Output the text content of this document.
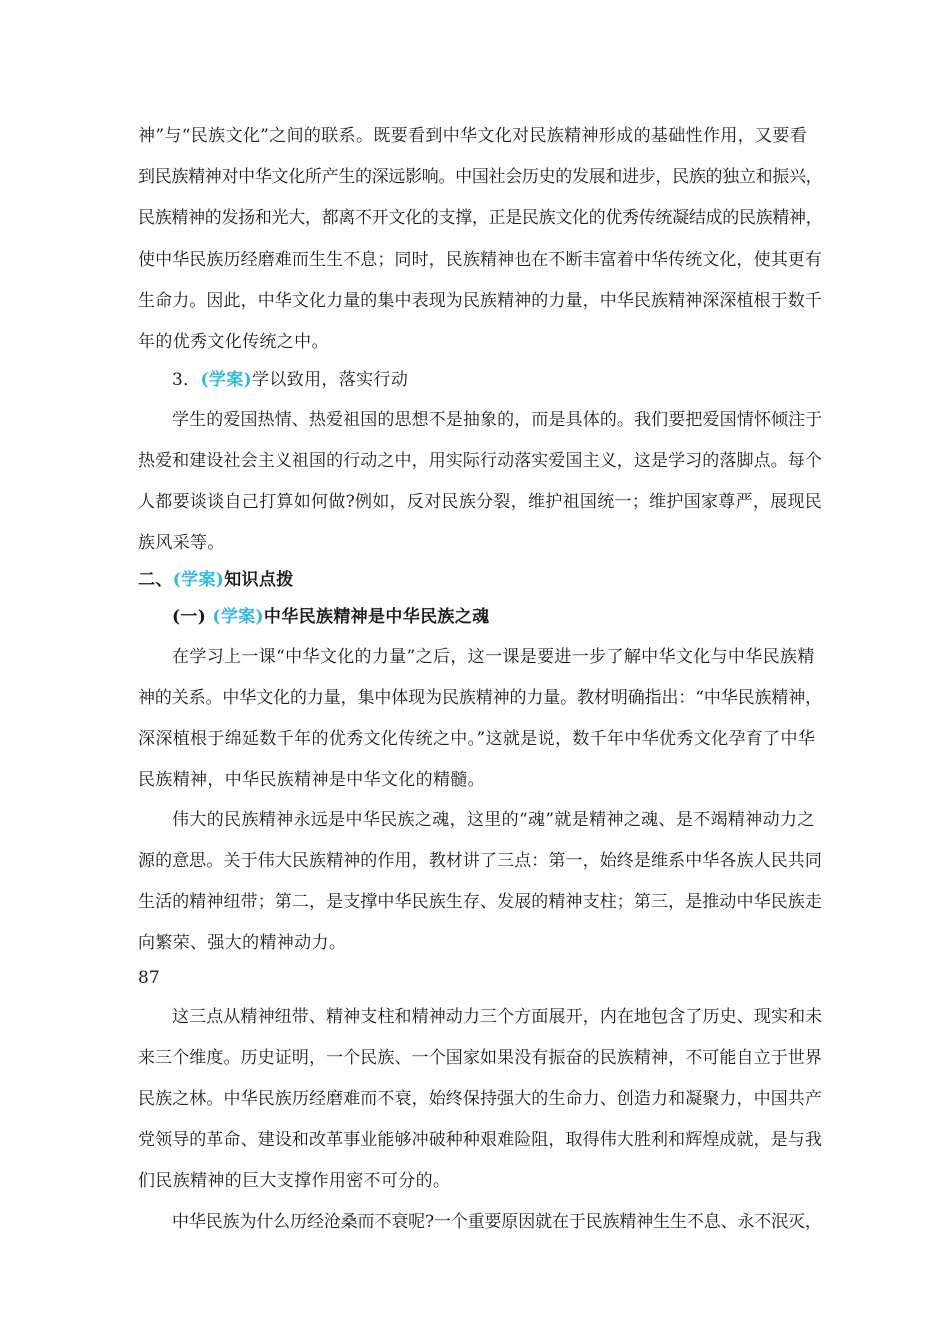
神”与“民族文化”之间的联系。既要看到中华文化对民族精神形成的基础性作用，又要看
到民族精神对中华文化所产生的深远影响。中国社会历史的发展和进步，民族的独立和振兴，
民族精神的发扬和光大，都离不开文化的支撑，正是民族文化的优秀传统凝结成的民族精神，
使中华民族历经磨难而生生不息；同时，民族精神也在不断丰富着中华传统文化，使其更有
生命力。因此，中华文化力量的集中表现为民族精神的力量，中华民族精神深深植根于数千
年的优秀文化传统之中。
3．(学案)学以致用，落实行动
学生的爱国热情、热爱祖国的思想不是抽象的，而是具体的。我们要把爱国情怀倾注于
热爱和建设社会主义祖国的行动之中，用实际行动落实爱国主义，这是学习的落脚点。每个
人都要谈谈自己打算如何做?例如，反对民族分裂，维护祖国统一；维护国家尊严，展现民
族风采等。
二、(学案)知识点拨
(一) (学案)中华民族精神是中华民族之魂
在学习上一课“中华文化的力量”之后，这一课是要进一步了解中华文化与中华民族精
神的关系。中华文化的力量，集中体现为民族精神的力量。教材明确指出：“中华民族精神，
深深植根于绵延数千年的优秀文化传统之中。”这就是说，数千年中华优秀文化孕育了中华
民族精神，中华民族精神是中华文化的精髓。
伟大的民族精神永远是中华民族之魂，这里的“魂”就是精神之魂、是不竭精神动力之
源的意思。关于伟大民族精神的作用，教材讲了三点：第一，始终是维系中华各族人民共同
生活的精神纽带；第二，是支撑中华民族生存、发展的精神支柱；第三，是推动中华民族走
向繁荣、强大的精神动力。
87
这三点从精神纽带、精神支柱和精神动力三个方面展开，内在地包含了历史、现实和未
来三个维度。历史证明，一个民族、一个国家如果没有振奋的民族精神，不可能自立于世界
民族之林。中华民族历经磨难而不衰，始终保持强大的生命力、创造力和凝聚力，中国共产
党领导的革命、建设和改革事业能够冲破种种艰难险阻，取得伟大胜利和辉煌成就，是与我
们民族精神的巨大支撑作用密不可分的。
中华民族为什么历经沧桑而不衰呢?一个重要原因就在于民族精神生生不息、永不泯灭，
